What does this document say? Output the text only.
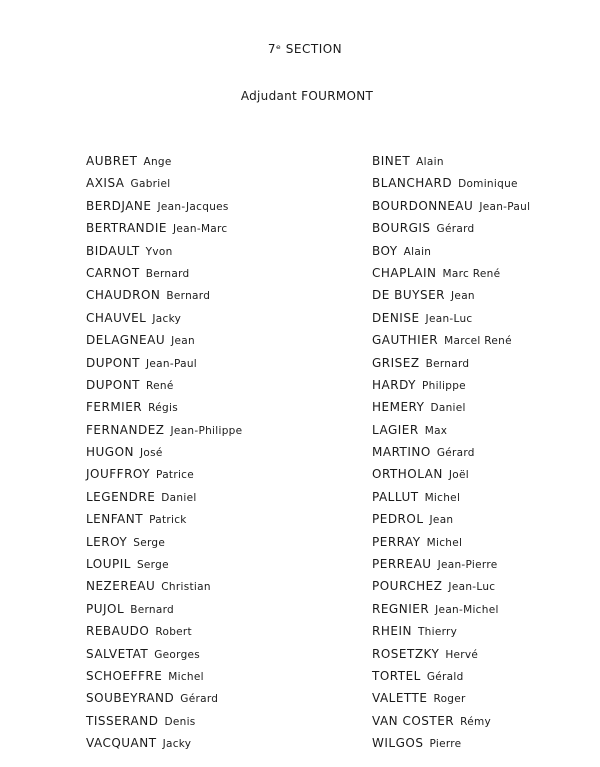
7ᵉ SECTION
Adjudant FOURMONT
AUBRET Ange
AXISA Gabriel
BERDJANE Jean-Jacques
BERTRANDIE Jean-Marc
BIDAULT Yvon
CARNOT Bernard
CHAUDRON Bernard
CHAUVEL Jacky
DELAGNEAU Jean
DUPONT Jean-Paul
DUPONT René
FERMIER Régis
FERNANDEZ Jean-Philippe
HUGON José
JOUFFROY Patrice
LEGENDRE Daniel
LENFANT Patrick
LEROY Serge
LOUPIL Serge
NEZEREAU Christian
PUJOL Bernard
REBAUDO Robert
SALVETAT Georges
SCHOEFFRE Michel
SOUBEYRAND Gérard
TISSERAND Denis
VACQUANT Jacky
BINET Alain
BLANCHARD Dominique
BOURDONNEAU Jean-Paul
BOURGIS Gérard
BOY Alain
CHAPLAIN Marc René
DE BUYSER Jean
DENISE Jean-Luc
GAUTHIER Marcel René
GRISEZ Bernard
HARDY Philippe
HEMERY Daniel
LAGIER Max
MARTINO Gérard
ORTHOLAN Joël
PALLUT Michel
PEDROL Jean
PERRAY Michel
PERREAU Jean-Pierre
POURCHEZ Jean-Luc
REGNIER Jean-Michel
RHEIN Thierry
ROSETZKY Hervé
TORTEL Gérald
VALETTE Roger
VAN COSTER Rémy
WILGOS Pierre
